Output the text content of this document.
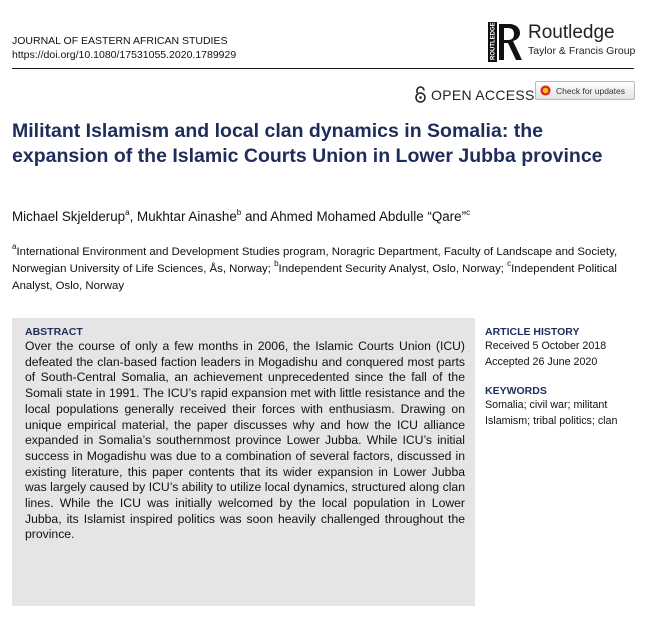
JOURNAL OF EASTERN AFRICAN STUDIES
https://doi.org/10.1080/17531055.2020.1789929	ROUTLEDGE Routledge
Taylor & Francis Group
OPEN ACCESS	Check for updates
Militant Islamism and local clan dynamics in Somalia: the expansion of the Islamic Courts Union in Lower Jubba province
Michael Skjelderup$^a$, Mukhtar Ainashe$^b$ and Ahmed Mohamed Abdulle “Qare”$^c$
$^a$International Environment and Development Studies program, Noragric Department, Faculty of Landscape and Society, Norwegian University of Life Sciences, Ås, Norway; $^b$Independent Security Analyst, Oslo, Norway; $^c$Independent Political Analyst, Oslo, Norway
ABSTRACT
Over the course of only a few months in 2006, the Islamic Courts Union (ICU) defeated the clan-based faction leaders in Mogadishu and conquered most parts of South-Central Somalia, an achievement unprecedented since the fall of the Somali state in 1991. The ICU’s rapid expansion met with little resistance and the local populations generally received their forces with enthusiasm. Drawing on unique empirical material, the paper discusses why and how the ICU alliance expanded in Somalia’s southernmost province Lower Jubba. While ICU’s initial success in Mogadishu was due to a combination of several factors, discussed in existing literature, this paper contents that its wider expansion in Lower Jubba was largely caused by ICU’s ability to utilize local dynamics, structured along clan lines. While the ICU was initially welcomed by the local population in Lower Jubba, its Islamist inspired politics was soon heavily challenged throughout the province.
ARTICLE HISTORY
Received 5 October 2018
Accepted 26 June 2020
KEYWORDS
Somalia; civil war; militant Islamism; tribal politics; clan
